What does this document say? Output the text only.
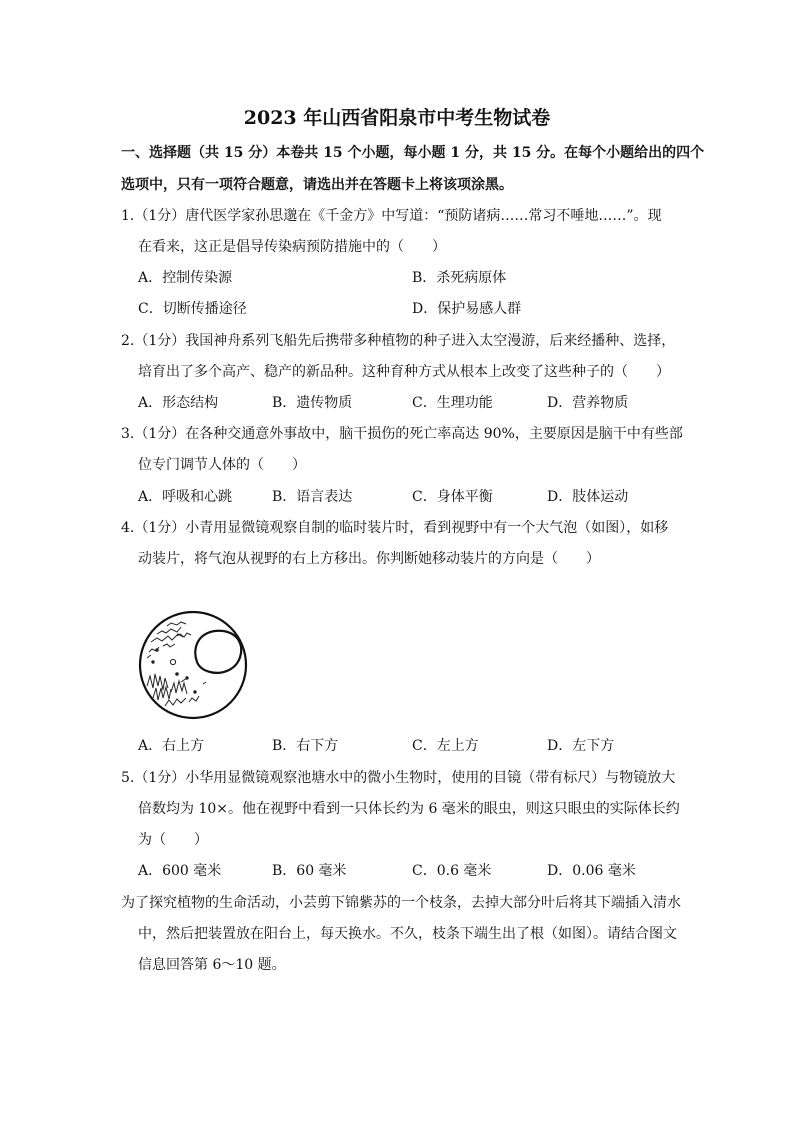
2023 年山西省阳泉市中考生物试卷
一、选择题（共 15 分）本卷共 15 个小题，每小题 1 分，共 15 分。在每个小题给出的四个
选项中，只有一项符合题意，请选出并在答题卡上将该项涂黑。
1.（1分）唐代医学家孙思邈在《千金方》中写道：“预防诸病……常习不唾地……”。现
在看来，这正是倡导传染病预防措施中的（　　）
A．控制传染源	B．杀死病原体
C．切断传播途径	D．保护易感人群
2.（1分）我国神舟系列飞船先后携带多种植物的种子进入太空漫游，后来经播种、选择，
培育出了多个高产、稳产的新品种。这种育种方式从根本上改变了这些种子的（　　）
A．形态结构	B．遗传物质	C．生理功能	D．营养物质
3.（1分）在各种交通意外事故中，脑干损伤的死亡率高达 90%，主要原因是脑干中有些部
位专门调节人体的（　　）
A．呼吸和心跳	B．语言表达	C．身体平衡	D．肢体运动
4.（1分）小青用显微镜观察自制的临时装片时，看到视野中有一个大气泡（如图），如移
动装片，将气泡从视野的右上方移出。你判断她移动装片的方向是（　　）
A．右上方	B．右下方	C．左上方	D．左下方
5.（1分）小华用显微镜观察池塘水中的微小生物时，使用的目镜（带有标尺）与物镜放大
倍数均为 10×。他在视野中看到一只体长约为 6 毫米的眼虫，则这只眼虫的实际体长约
为（　　）
A．600 毫米	B．60 毫米	C．0.6 毫米	D．0.06 毫米
为了探究植物的生命活动，小芸剪下锦紫苏的一个枝条，去掉大部分叶后将其下端插入清水
中，然后把装置放在阳台上，每天换水。不久，枝条下端生出了根（如图）。请结合图文
信息回答第 6～10 题。
